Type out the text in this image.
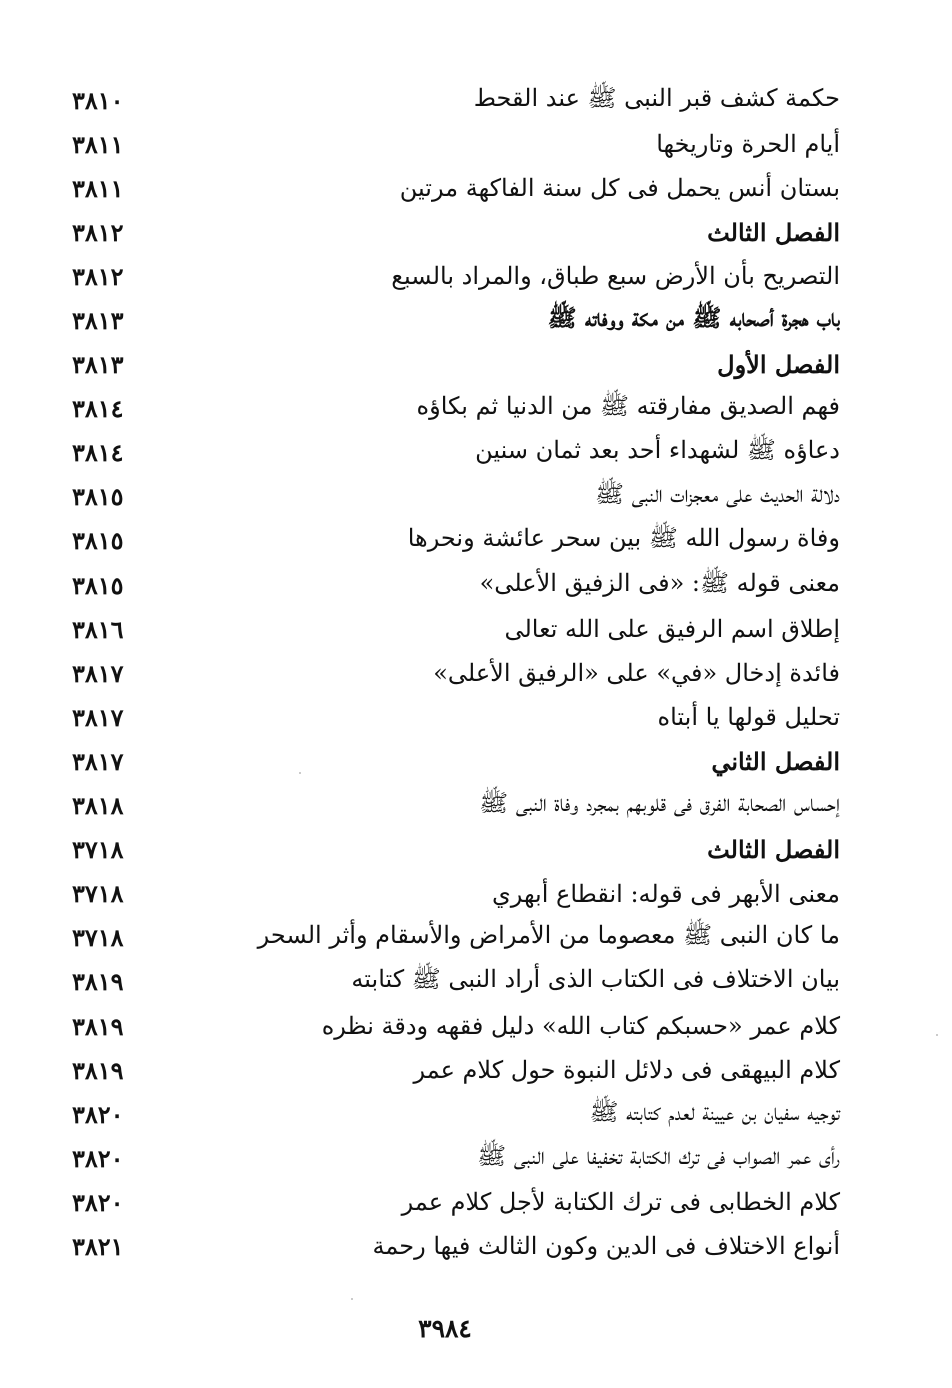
حكمة كشف قبر النبى ﷺ عند القحط
٣٨١٠
أيام الحرة وتاريخها
٣٨١١
بستان أنس يحمل فى كل سنة الفاكهة مرتين
٣٨١١
الفصل الثالث
٣٨١٢
التصريح بأن الأرض سبع طباق، والمراد بالسبع
٣٨١٢
باب هجرة أصحابه ﷺ من مكة ووفاته ﷺ
٣٨١٣
الفصل الأول
٣٨١٣
فهم الصديق مفارقته ﷺ من الدنيا ثم بكاؤه
٣٨١٤
دعاؤه ﷺ لشهداء أحد بعد ثمان سنين
٣٨١٤
دلالة الحديث على معجزات النبى ﷺ
٣٨١٥
وفاة رسول الله ﷺ بين سحر عائشة ونحرها
٣٨١٥
معنى قوله ﷺ: «فى الزفيق الأعلى»
٣٨١٥
إطلاق اسم الرفيق على الله تعالى
٣٨١٦
فائدة إدخال «في» على «الرفيق الأعلى»
٣٨١٧
تحليل قولها يا أبتاه
٣٨١٧
الفصل الثاني
٣٨١٧
إحساس الصحابة الفرق فى قلوبهم بمجرد وفاة النبى ﷺ
٣٨١٨
الفصل الثالث
٣٧١٨
معنى الأبهر فى قوله: انقطاع أبهري
٣٧١٨
ما كان النبى ﷺ معصوما من الأمراض والأسقام وأثر السحر
٣٧١٨
بيان الاختلاف فى الكتاب الذى أراد النبى ﷺ كتابته
٣٨١٩
كلام عمر «حسبكم كتاب الله» دليل فقهه ودقة نظره
٣٨١٩
كلام البيهقى فى دلائل النبوة حول كلام عمر
٣٨١٩
توجيه سفيان بن عيينة لعدم كتابته ﷺ
٣٨٢٠
رأى عمر الصواب فى ترك الكتابة تخفيفا على النبى ﷺ
٣٨٢٠
كلام الخطابى فى ترك الكتابة لأجل كلام عمر
٣٨٢٠
أنواع الاختلاف فى الدين وكون الثالث فيها رحمة
٣٨٢١
٣٩٨٤
